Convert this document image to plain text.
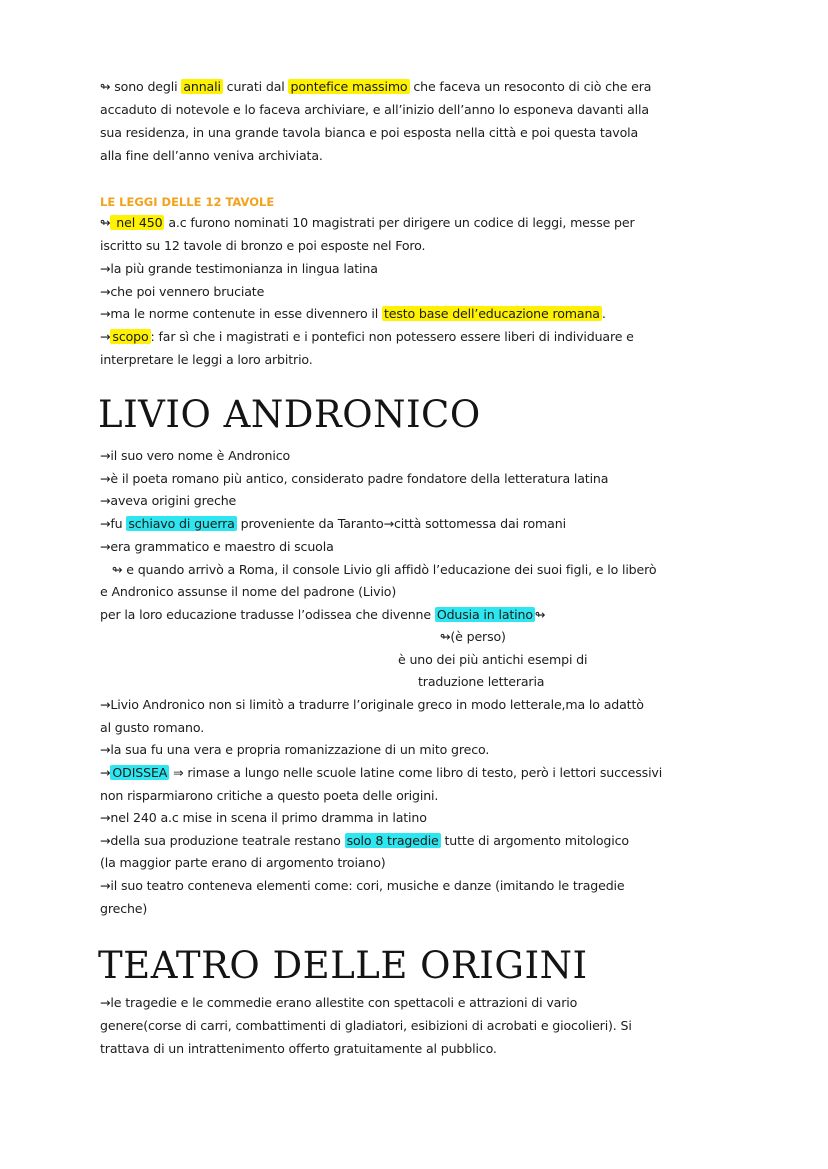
↬ sono degli annali curati dal pontefice massimo che faceva un resoconto di ciò che era
accaduto di notevole e lo faceva archiviare, e all’inizio dell’anno lo esponeva davanti alla
sua residenza, in una grande tavola bianca e poi esposta nella città e poi questa tavola
alla fine dell’anno veniva archiviata.
LE LEGGI DELLE 12 TAVOLE
↬ nel 450 a.c furono nominati 10 magistrati per dirigere un codice di leggi, messe per
iscritto su 12 tavole di bronzo e poi esposte nel Foro.
→la più grande testimonianza in lingua latina
→che poi vennero bruciate
→ma le norme contenute in esse divennero il testo base dell’educazione romana .
→ scopo : far sì che i magistrati e i pontefici non potessero essere liberi di individuare e
interpretare le leggi a loro arbitrio.
LIVIO ANDRONICO
→il suo vero nome è Andronico
→è il poeta romano più antico, considerato padre fondatore della letteratura latina
→aveva origini greche
→fu schiavo di guerra proveniente da Taranto→città sottomessa dai romani
→era grammatico e maestro di scuola
↬ e quando arrivò a Roma, il console Livio gli affidò l’educazione dei suoi figli, e lo liberò
e Andronico assunse il nome del padrone (Livio)
per la loro educazione tradusse l’odissea che divenne Odusia in latino ↬
↬(è perso)
è uno dei più antichi esempi di
traduzione letteraria
→Livio Andronico non si limitò a tradurre l’originale greco in modo letterale,ma lo adattò
al gusto romano.
→la sua fu una vera e propria romanizzazione di un mito greco.
→ ODISSEA ⇒ rimase a lungo nelle scuole latine come libro di testo, però i lettori successivi
non risparmiarono critiche a questo poeta delle origini.
→nel 240 a.c mise in scena il primo dramma in latino
→della sua produzione teatrale restano solo 8 tragedie tutte di argomento mitologico
(la maggior parte erano di argomento troiano)
→il suo teatro conteneva elementi come: cori, musiche e danze (imitando le tragedie
greche)
TEATRO DELLE ORIGINI
→le tragedie e le commedie erano allestite con spettacoli e attrazioni di vario
genere(corse di carri, combattimenti di gladiatori, esibizioni di acrobati e giocolieri). Si
trattava di un intrattenimento offerto gratuitamente al pubblico.
